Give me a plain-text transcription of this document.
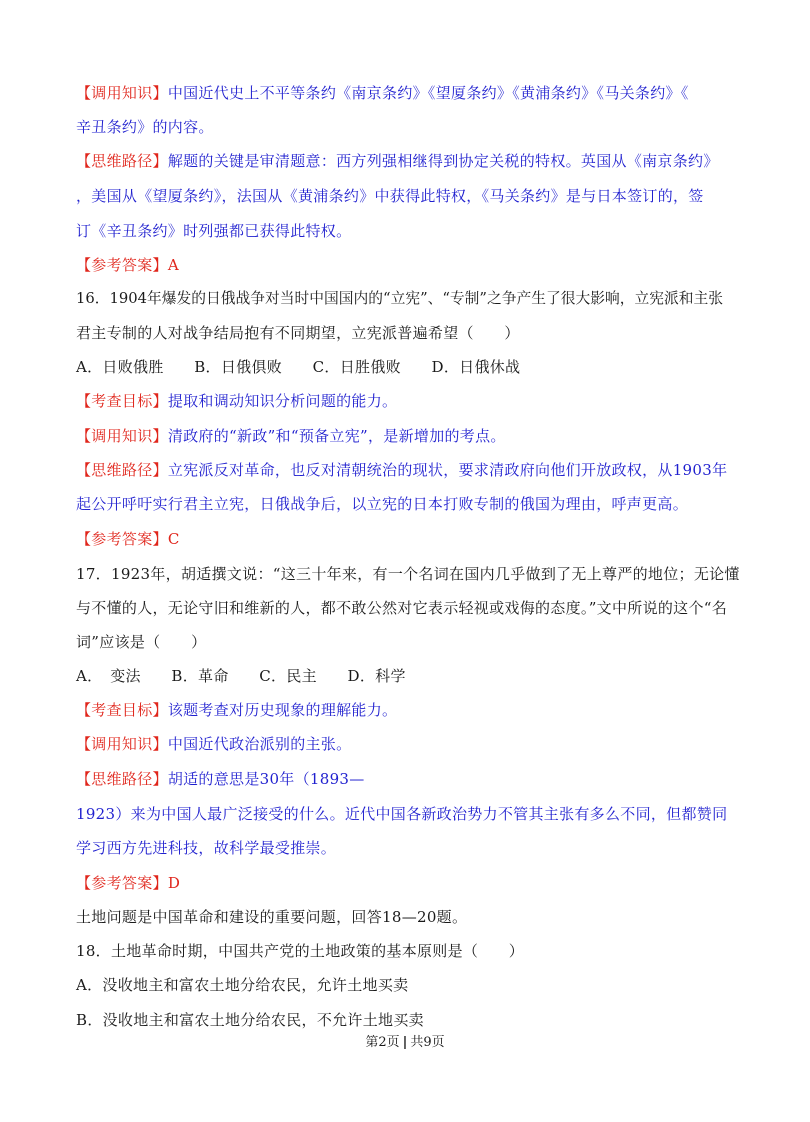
【调用知识】中国近代史上不平等条约《南京条约》《望厦条约》《黄浦条约》《马关条约》《
辛丑条约》的内容。
【思维路径】解题的关键是审清题意：西方列强相继得到协定关税的特权。英国从《南京条约》
，美国从《望厦条约》，法国从《黄浦条约》中获得此特权，《马关条约》是与日本签订的，签
订《辛丑条约》时列强都已获得此特权。
【参考答案】A
16．1904年爆发的日俄战争对当时中国国内的“立宪”、“专制”之争产生了很大影响，立宪派和主张
君主专制的人对战争结局抱有不同期望，立宪派普遍希望（　　）
A．日败俄胜　　B．日俄俱败　　C．日胜俄败　　D．日俄休战
【考查目标】提取和调动知识分析问题的能力。
【调用知识】清政府的“新政”和“预备立宪”，是新增加的考点。
【思维路径】立宪派反对革命，也反对清朝统治的现状，要求清政府向他们开放政权，从1903年
起公开呼吁实行君主立宪，日俄战争后，以立宪的日本打败专制的俄国为理由，呼声更高。
【参考答案】C
17．1923年，胡适撰文说：“这三十年来，有一个名词在国内几乎做到了无上尊严的地位；无论懂
与不懂的人，无论守旧和维新的人，都不敢公然对它表示轻视或戏侮的态度。”文中所说的这个“名
词”应该是（　　）
A．　变法　　B．革命　　C．民主　　D．科学
【考查目标】该题考查对历史现象的理解能力。
【调用知识】中国近代政治派别的主张。
【思维路径】胡适的意思是30年（1893—
1923）来为中国人最广泛接受的什么。近代中国各新政治势力不管其主张有多么不同，但都赞同
学习西方先进科技，故科学最受推崇。
【参考答案】D
土地问题是中国革命和建设的重要问题，回答18—20题。
18．土地革命时期，中国共产党的土地政策的基本原则是（　　）
A．没收地主和富农土地分给农民，允许土地买卖
B．没收地主和富农土地分给农民，不允许土地买卖
第2页 | 共9页
